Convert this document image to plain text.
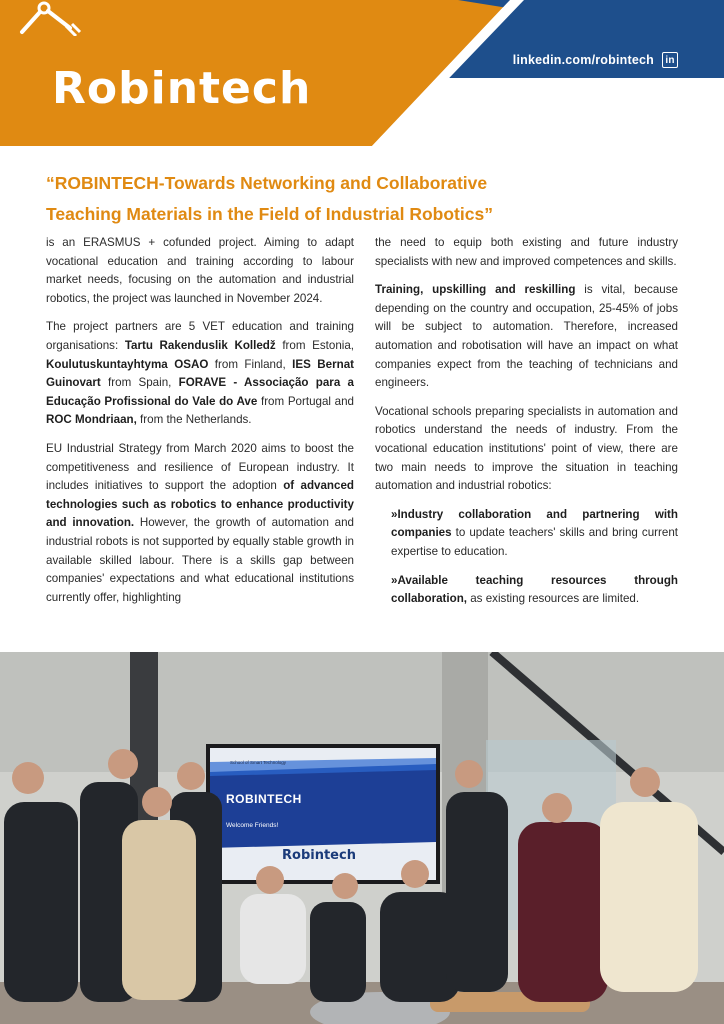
Robintech
linkedin.com/robintech	in
“ROBINTECH-Towards Networking and Collaborative
Teaching Materials in the Field of Industrial Robotics”

is an ERASMUS + cofunded project. Aiming to adapt vocational education and training according to labour market needs, focusing on the automation and industrial robotics, the project was launched in November 2024.

The project partners are 5 VET education and training organisations: Tartu Rakenduslik Kolledž from Estonia, Koulutuskuntayhtyma OSAO from Finland, IES Bernat Guinovart from Spain, FORAVE - Associação para a Educação Profissional do Vale do Ave from Portugal and ROC Mondriaan, from the Netherlands.

EU Industrial Strategy from March 2020 aims to boost the competitiveness and resilience of European industry. It includes initiatives to support the adoption of advanced technologies such as robotics to enhance productivity and innovation. However, the growth of automation and industrial robots is not supported by equally stable growth in available skilled labour. There is a skills gap between companies' expectations and what educational institutions currently offer, highlighting

the need to equip both existing and future industry specialists with new and improved competences and skills.

Training, upskilling and reskilling is vital, because depending on the country and occupation, 25-45% of jobs will be subject to automation. Therefore, increased automation and robotisation will have an impact on what companies expect from the teaching of technicians and engineers.

Vocational schools preparing specialists in automation and robotics understand the needs of industry. From the vocational education institutions' point of view, there are two main needs to improve the situation in teaching automation and industrial robotics:

»Industry collaboration and partnering with companies to update teachers' skills and bring current expertise to education.

»Available teaching resources through collaboration, as existing resources are limited.

School of Smart Technology
ROBINTECH
Welcome Friends!
Robintech
